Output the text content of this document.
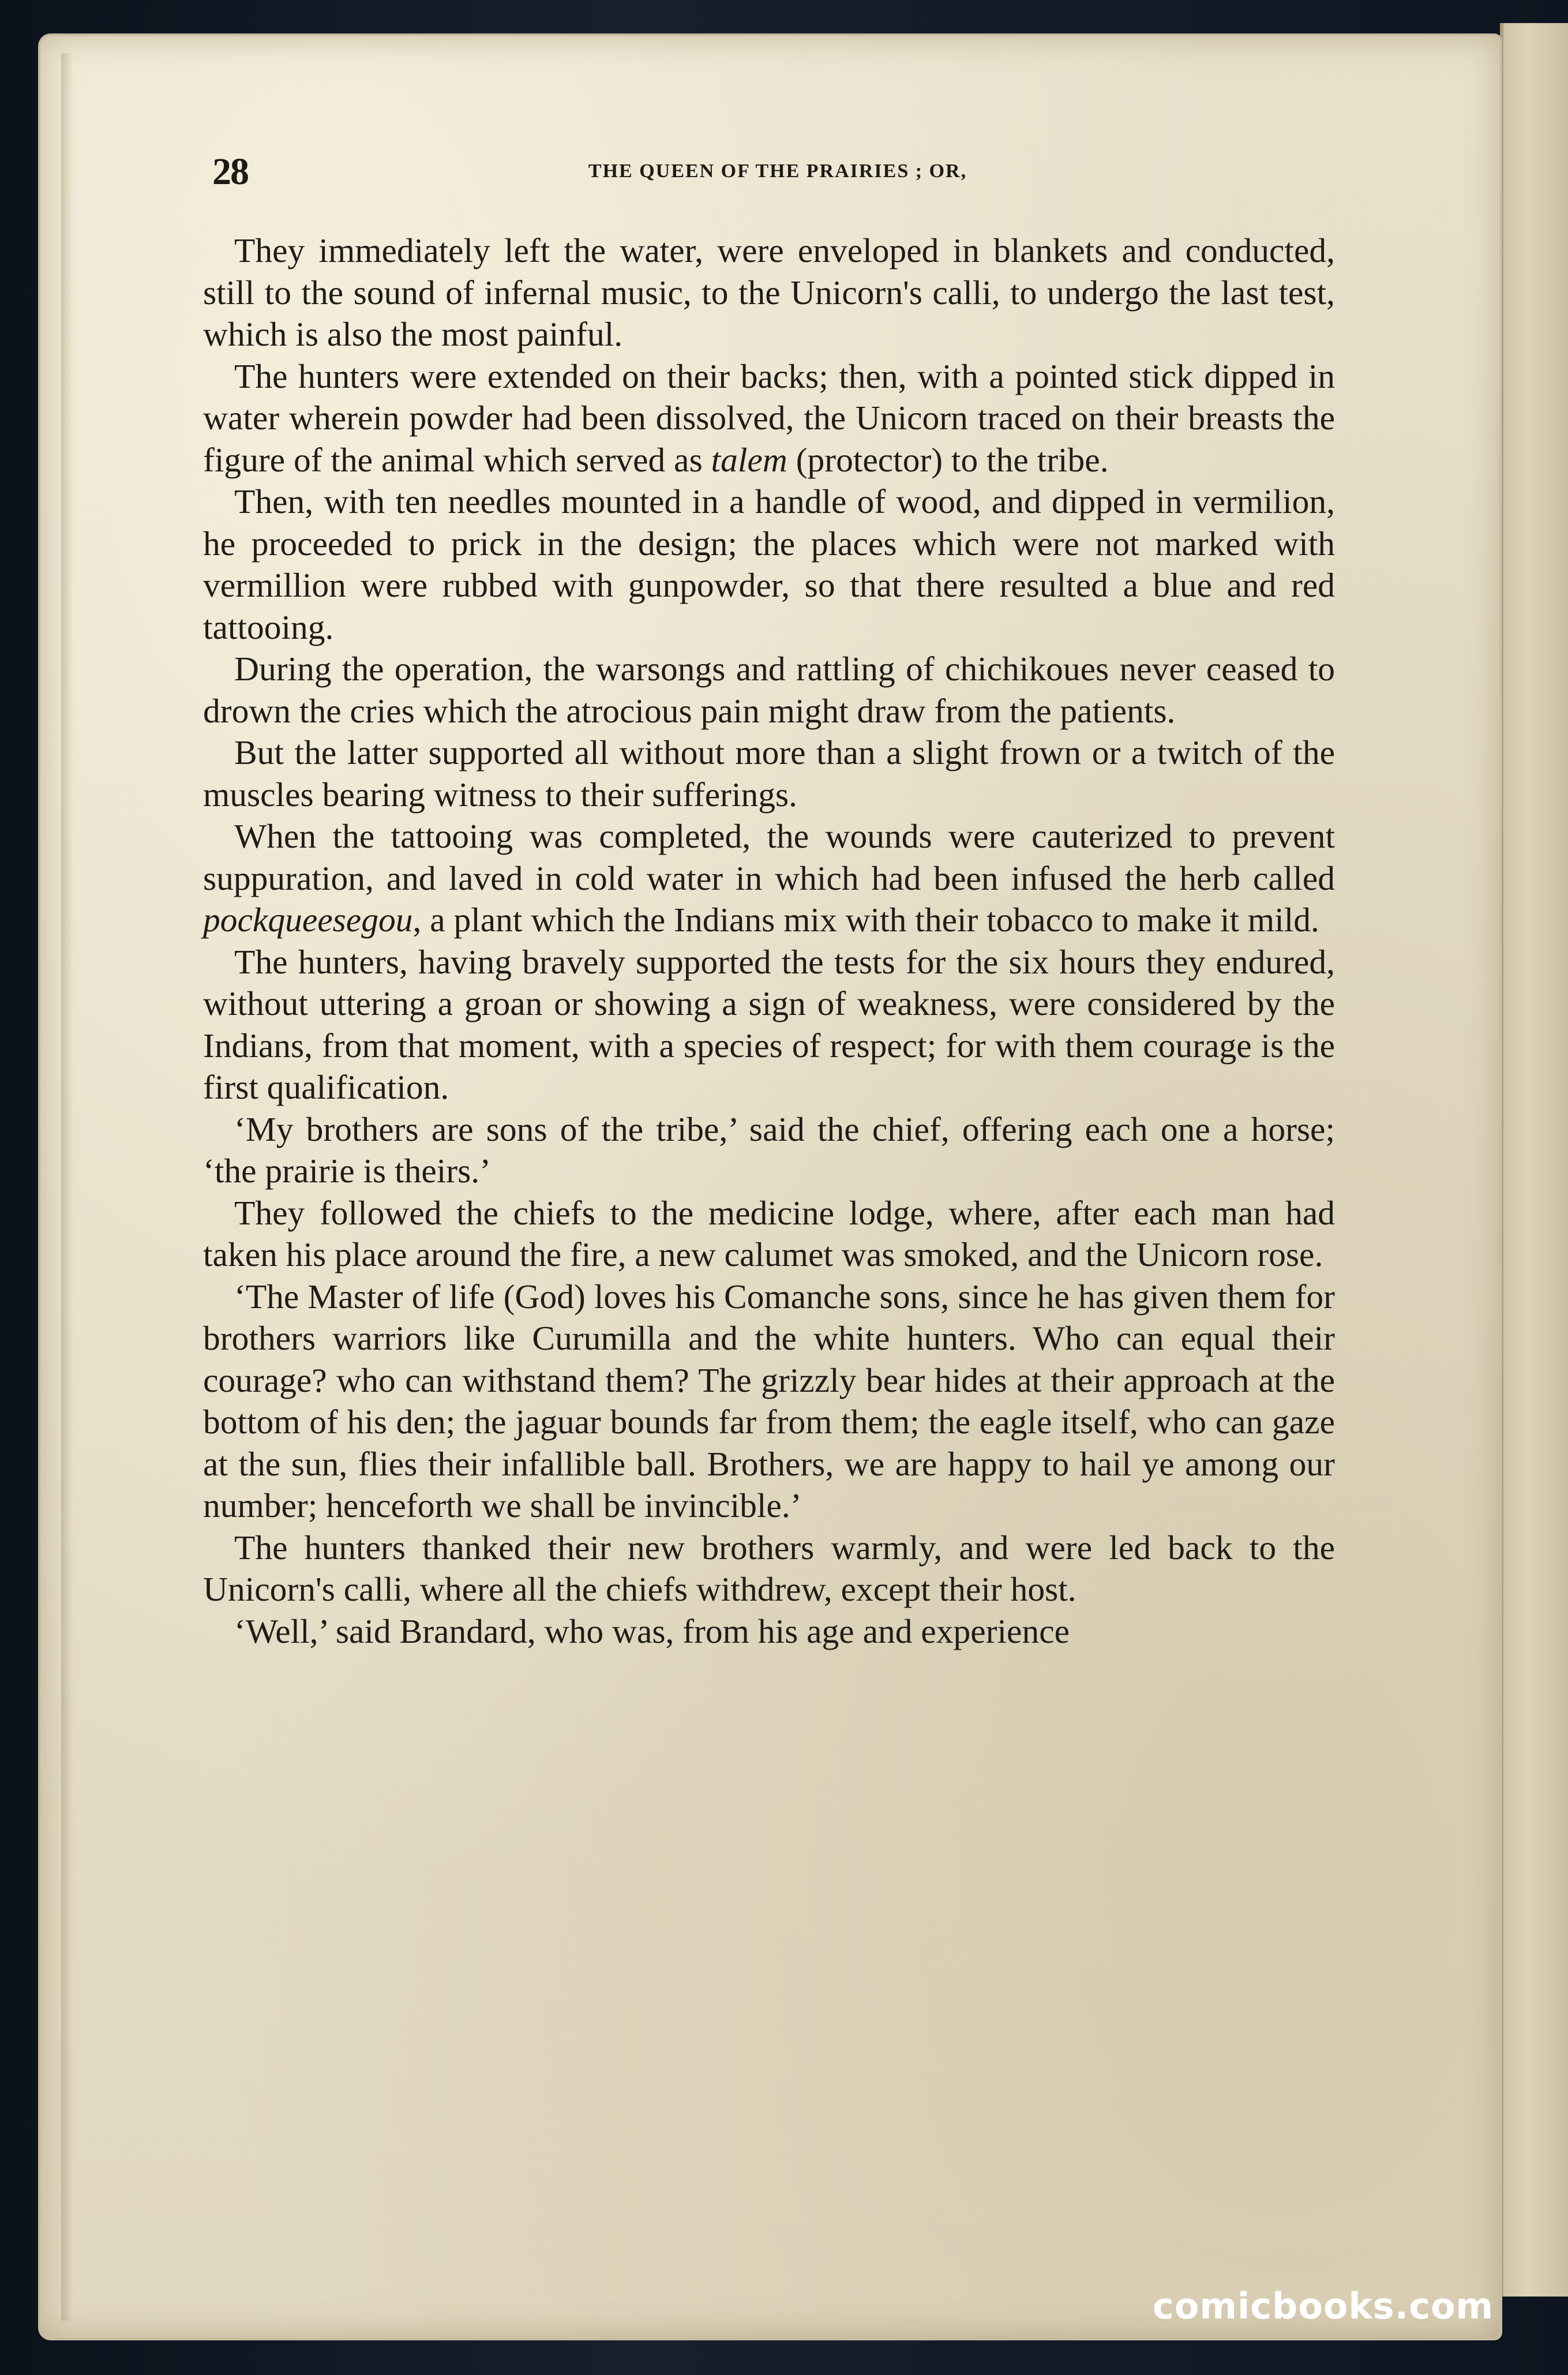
28	THE QUEEN OF THE PRAIRIES ; OR,

They immediately left the water, were enveloped in blankets and conducted, still to the sound of infernal music, to the Unicorn's calli, to undergo the last test, which is also the most painful.

The hunters were extended on their backs; then, with a pointed stick dipped in water wherein powder had been dissolved, the Unicorn traced on their breasts the figure of the animal which served as talem (protector) to the tribe.

Then, with ten needles mounted in a handle of wood, and dipped in vermilion, he proceeded to prick in the design; the places which were not marked with vermillion were rubbed with gunpowder, so that there resulted a blue and red tattooing.

During the operation, the warsongs and rattling of chichikoues never ceased to drown the cries which the atrocious pain might draw from the patients.

But the latter supported all without more than a slight frown or a twitch of the muscles bearing witness to their sufferings.

When the tattooing was completed, the wounds were cauterized to prevent suppuration, and laved in cold water in which had been infused the herb called pockqueesegou, a plant which the Indians mix with their tobacco to make it mild.

The hunters, having bravely supported the tests for the six hours they endured, without uttering a groan or showing a sign of weakness, were considered by the Indians, from that moment, with a species of respect; for with them courage is the first qualification.

‘My brothers are sons of the tribe,’ said the chief, offering each one a horse; ‘the prairie is theirs.’

They followed the chiefs to the medicine lodge, where, after each man had taken his place around the fire, a new calumet was smoked, and the Unicorn rose.

‘The Master of life (God) loves his Comanche sons, since he has given them for brothers warriors like Curumilla and the white hunters. Who can equal their courage? who can withstand them? The grizzly bear hides at their approach at the bottom of his den; the jaguar bounds far from them; the eagle itself, who can gaze at the sun, flies their infallible ball. Brothers, we are happy to hail ye among our number; henceforth we shall be invincible.’

The hunters thanked their new brothers warmly, and were led back to the Unicorn's calli, where all the chiefs withdrew, except their host.

‘Well,’ said Brandard, who was, from his age and experience

comicbooks.com
